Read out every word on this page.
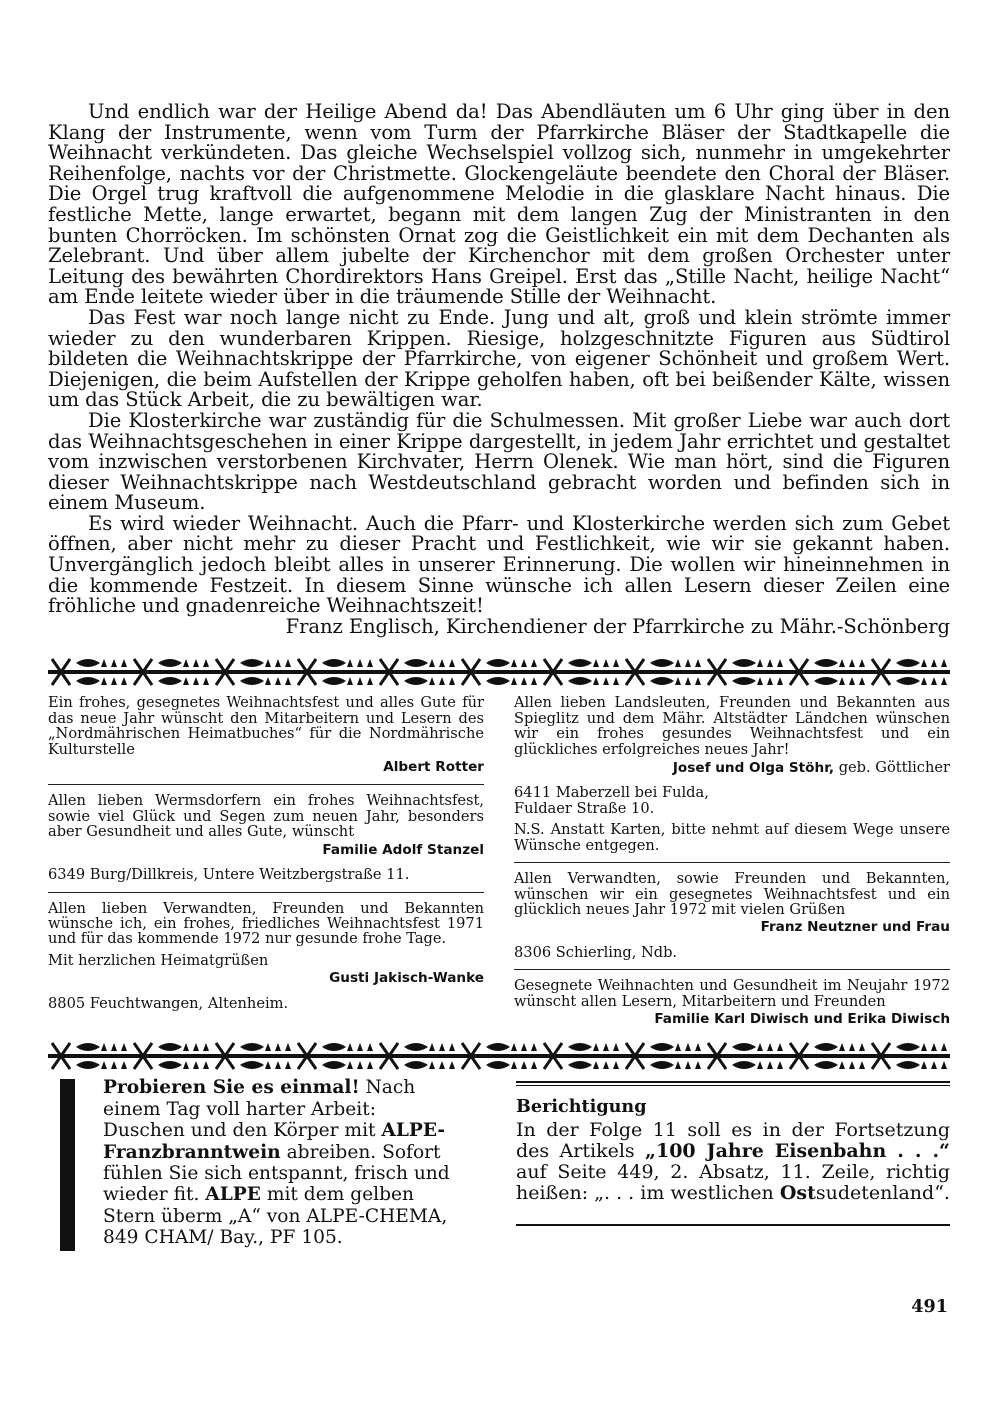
Und endlich war der Heilige Abend da! Das Abendläuten um 6 Uhr ging über in den Klang der Instrumente, wenn vom Turm der Pfarrkirche Bläser der Stadtkapelle die Weihnacht verkündeten. Das gleiche Wechselspiel vollzog sich, nunmehr in umgekehrter Reihenfolge, nachts vor der Christmette. Glockengeläute beendete den Choral der Bläser. Die Orgel trug kraftvoll die aufgenommene Melodie in die glasklare Nacht hinaus. Die festliche Mette, lange erwartet, begann mit dem langen Zug der Ministranten in den bunten Chorröcken. Im schönsten Ornat zog die Geistlichkeit ein mit dem Dechanten als Zelebrant. Und über allem jubelte der Kirchenchor mit dem großen Orchester unter Leitung des bewährten Chordirektors Hans Greipel. Erst das „Stille Nacht, heilige Nacht“ am Ende leitete wieder über in die träumende Stille der Weihnacht.

Das Fest war noch lange nicht zu Ende. Jung und alt, groß und klein strömte immer wieder zu den wunderbaren Krippen. Riesige, holzgeschnitzte Figuren aus Südtirol bildeten die Weihnachtskrippe der Pfarrkirche, von eigener Schönheit und großem Wert. Diejenigen, die beim Aufstellen der Krippe geholfen haben, oft bei beißender Kälte, wissen um das Stück Arbeit, die zu bewältigen war.

Die Klosterkirche war zuständig für die Schulmessen. Mit großer Liebe war auch dort das Weihnachtsgeschehen in einer Krippe dargestellt, in jedem Jahr errichtet und gestaltet vom inzwischen verstorbenen Kirchvater, Herrn Olenek. Wie man hört, sind die Figuren dieser Weihnachtskrippe nach Westdeutschland gebracht worden und befinden sich in einem Museum.

Es wird wieder Weihnacht. Auch die Pfarr- und Klosterkirche werden sich zum Gebet öffnen, aber nicht mehr zu dieser Pracht und Festlichkeit, wie wir sie gekannt haben. Unvergänglich jedoch bleibt alles in unserer Erinnerung. Die wollen wir hineinnehmen in die kommende Festzeit. In diesem Sinne wünsche ich allen Lesern dieser Zeilen eine fröhliche und gnadenreiche Weihnachtszeit!

Franz Englisch, Kirchendiener der Pfarrkirche zu Mähr.-Schönberg

Ein frohes, gesegnetes Weihnachtsfest und alles Gute für das neue Jahr wünscht den Mitarbeitern und Lesern des „Nordmährischen Heimatbuches“ für die Nordmährische Kulturstelle

Albert Rotter

Allen lieben Wermsdorfern ein frohes Weihnachtsfest, sowie viel Glück und Segen zum neuen Jahr, besonders aber Gesundheit und alles Gute, wünscht

Familie Adolf Stanzel

6349 Burg/Dillkreis, Untere Weitzbergstraße 11.

Allen lieben Verwandten, Freunden und Bekannten wünsche ich, ein frohes, friedliches Weihnachtsfest 1971 und für das kommende 1972 nur gesunde frohe Tage.

Mit herzlichen Heimatgrüßen

Gusti Jakisch-Wanke

8805 Feuchtwangen, Altenheim.

Allen lieben Landsleuten, Freunden und Bekannten aus Spieglitz und dem Mähr. Altstädter Ländchen wünschen wir ein frohes gesundes Weihnachtsfest und ein glückliches erfolgreiches neues Jahr!

Josef und Olga Stöhr, geb. Göttlicher

6411 Maberzell bei Fulda,

Fuldaer Straße 10.

N.S. Anstatt Karten, bitte nehmt auf diesem Wege unsere Wünsche entgegen.

Allen Verwandten, sowie Freunden und Bekannten, wünschen wir ein gesegnetes Weihnachtsfest und ein glücklich neues Jahr 1972 mit vielen Grüßen

Franz Neutzner und Frau

8306 Schierling, Ndb.

Gesegnete Weihnachten und Gesundheit im Neujahr 1972 wünscht allen Lesern, Mitarbeitern und Freunden

Familie Karl Diwisch und Erika Diwisch
Probieren Sie es einmal! Nach einem Tag voll harter Arbeit: Duschen und den Körper mit ALPE-Franzbranntwein abreiben. Sofort fühlen Sie sich entspannt, frisch und wieder fit. ALPE mit dem gelben Stern überm „A“ von ALPE-CHEMA, 849 CHAM/ Bay., PF 105.
Berichtigung

In der Folge 11 soll es in der Fortsetzung des Artikels „100 Jahre Eisenbahn . . .“ auf Seite 449, 2. Absatz, 11. Zeile, richtig heißen: „. . . im westlichen Ostsudetenland“.

491
